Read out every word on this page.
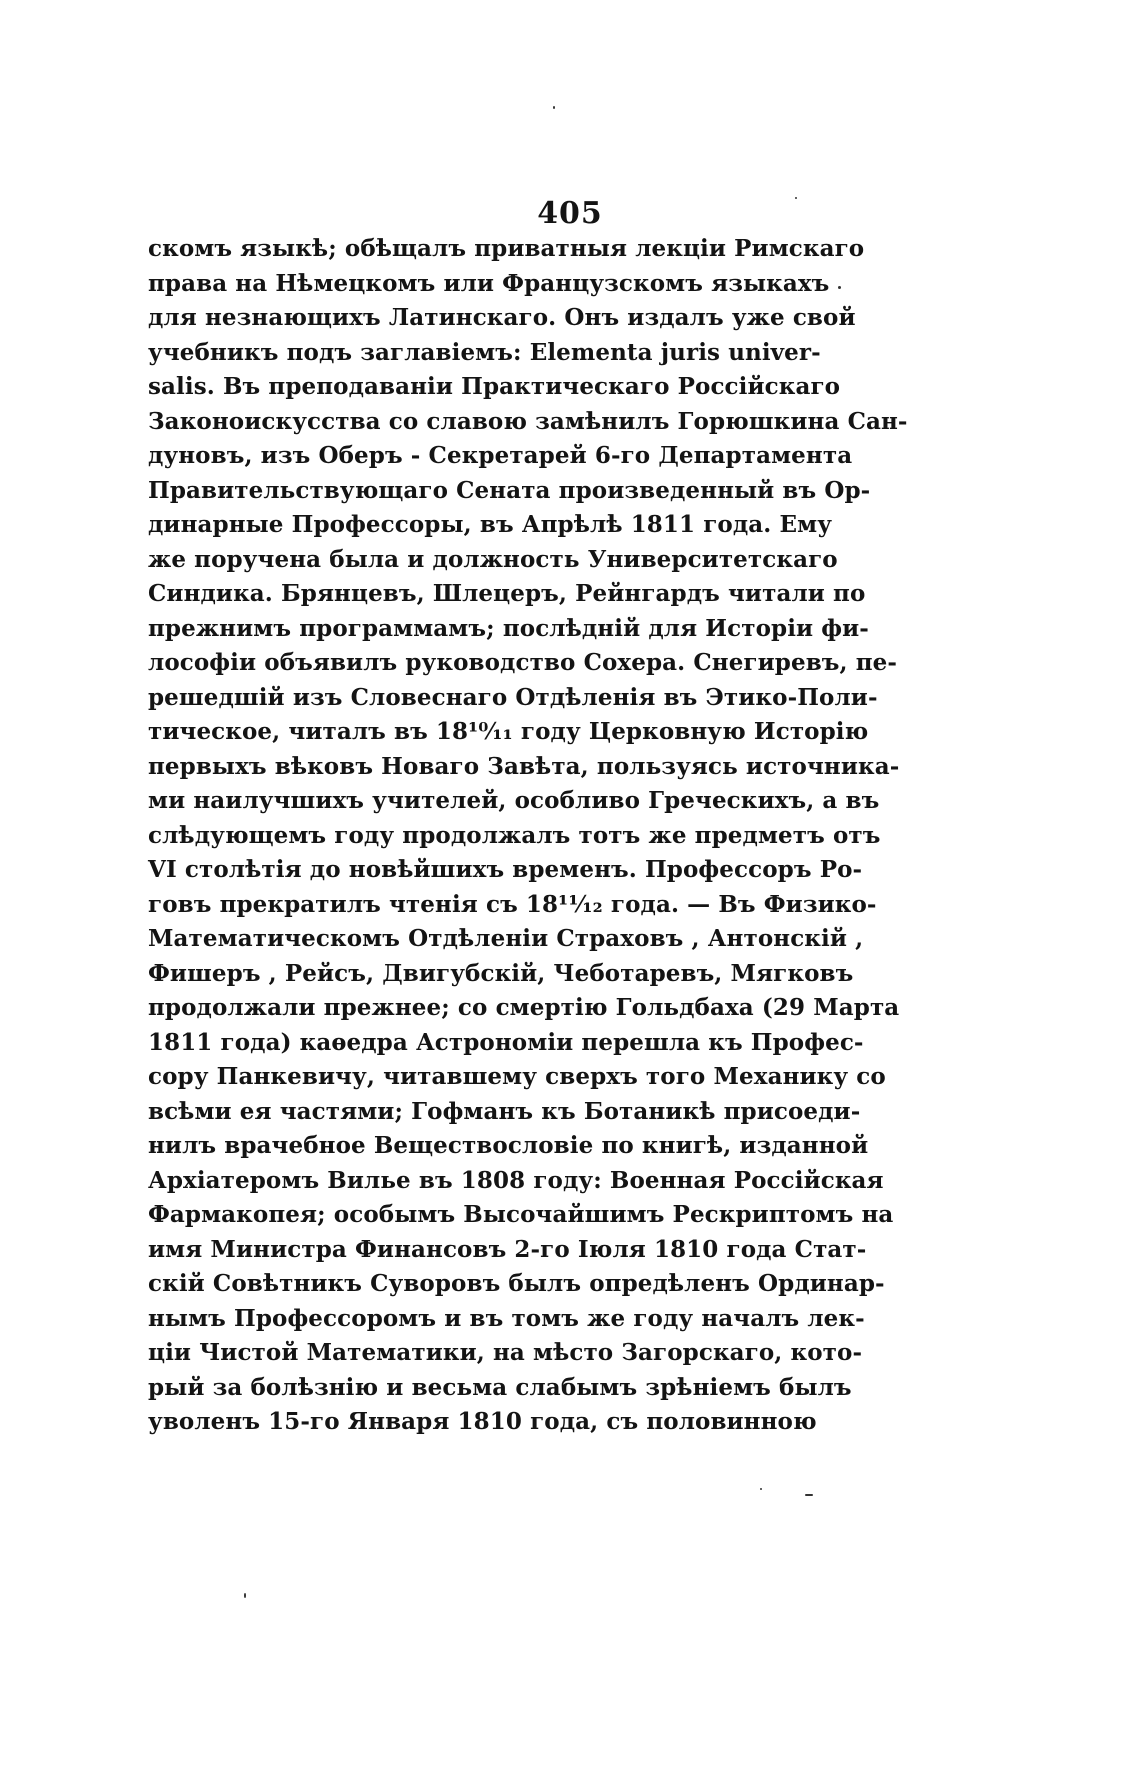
405
скомъ языкѣ; обѣщалъ приватныя лекціи Римскаго
права на Нѣмецкомъ или Французскомъ языкахъ
для незнающихъ Латинскаго. Онъ издалъ уже свой
учебникъ подъ заглавіемъ: Elementa juris univer-
salis. Въ преподаваніи Практическаго Россійскаго
Законоискусства со славою замѣнилъ Горюшкина Сан-
дуновъ, изъ Оберъ - Секретарей 6-го Департамента
Правительствующаго Сената произведенный въ Ор-
динарные Профессоры, въ Апрѣлѣ 1811 года. Ему
же поручена была и должность Университетскаго
Синдика. Брянцевъ, Шлецеръ, Рейнгардъ читали по
прежнимъ программамъ; послѣдній для Исторіи фи-
лософіи объявилъ руководство Сохера. Снегиревъ, пе-
решедшій изъ Словеснаго Отдѣленія въ Этико-Поли-
тическое, читалъ въ 18¹⁰⁄₁₁ году Церковную Исторію
первыхъ вѣковъ Новаго Завѣта, пользуясь источника-
ми наилучшихъ учителей, особливо Греческихъ, а въ
слѣдующемъ году продолжалъ тотъ же предметъ отъ
VI столѣтія до новѣйшихъ временъ. Профессоръ Ро-
говъ прекратилъ чтенія съ 18¹¹⁄₁₂ года. — Въ Физико-
Математическомъ Отдѣленіи Страховъ , Антонскій ,
Фишеръ , Рейсъ, Двигубскій, Чеботаревъ, Мягковъ
продолжали прежнее; со смертію Гольдбаха (29 Марта
1811 года) каѳедра Астрономіи перешла къ Профес-
сору Панкевичу, читавшему сверхъ того Механику со
всѣми ея частями; Гофманъ къ Ботаникѣ присоеди-
нилъ врачебное Веществословіе по книгѣ, изданной
Архіатеромъ Вилье въ 1808 году: Военная Россійская
Фармакопея; особымъ Высочайшимъ Рескриптомъ на
имя Министра Финансовъ 2-го Іюля 1810 года Стат-
скій Совѣтникъ Суворовъ былъ опредѣленъ Ординар-
нымъ Профессоромъ и въ томъ же году началъ лек-
ціи Чистой Математики, на мѣсто Загорскаго, кото-
рый за болѣзнію и весьма слабымъ зрѣніемъ былъ
уволенъ 15-го Января 1810 года, съ половинною
